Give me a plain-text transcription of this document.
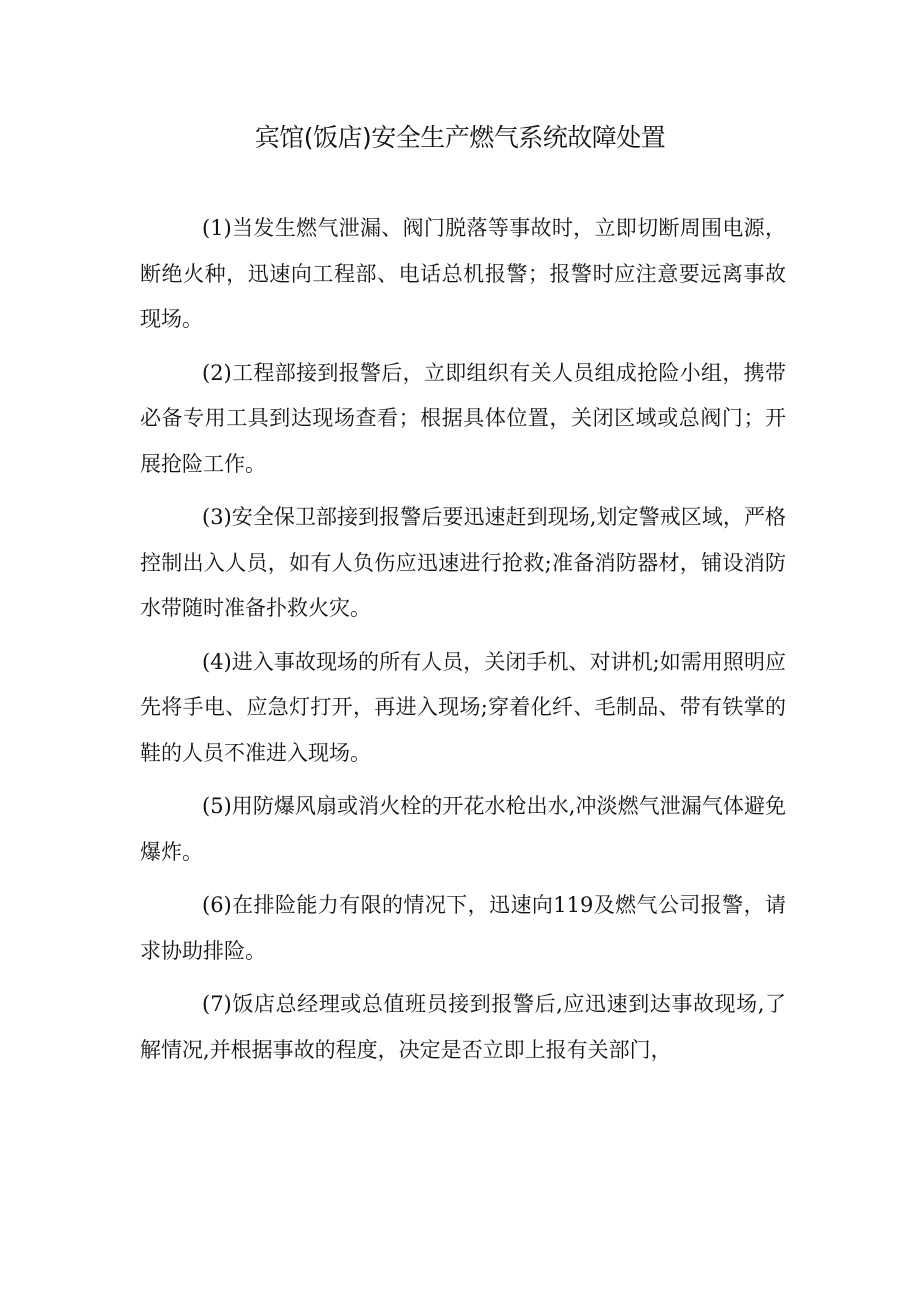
宾馆(饭店)安全生产燃气系统故障处置

(1)当发生燃气泄漏、阀门脱落等事故时，立即切断周围电源，断绝火种，迅速向工程部、电话总机报警；报警时应注意要远离事故现场。

(2)工程部接到报警后，立即组织有关人员组成抢险小组，携带必备专用工具到达现场查看；根据具体位置，关闭区域或总阀门；开展抢险工作。

(3)安全保卫部接到报警后要迅速赶到现场,划定警戒区域，严格控制出入人员，如有人负伤应迅速进行抢救;准备消防器材，铺设消防水带随时准备扑救火灾。

(4)进入事故现场的所有人员，关闭手机、对讲机;如需用照明应先将手电、应急灯打开，再进入现场;穿着化纤、毛制品、带有铁掌的鞋的人员不准进入现场。

(5)用防爆风扇或消火栓的开花水枪出水,冲淡燃气泄漏气体避免爆炸。

(6)在排险能力有限的情况下，迅速向119及燃气公司报警，请求协助排险。

(7)饭店总经理或总值班员接到报警后,应迅速到达事故现场,了解情况,并根据事故的程度，决定是否立即上报有关部门，
